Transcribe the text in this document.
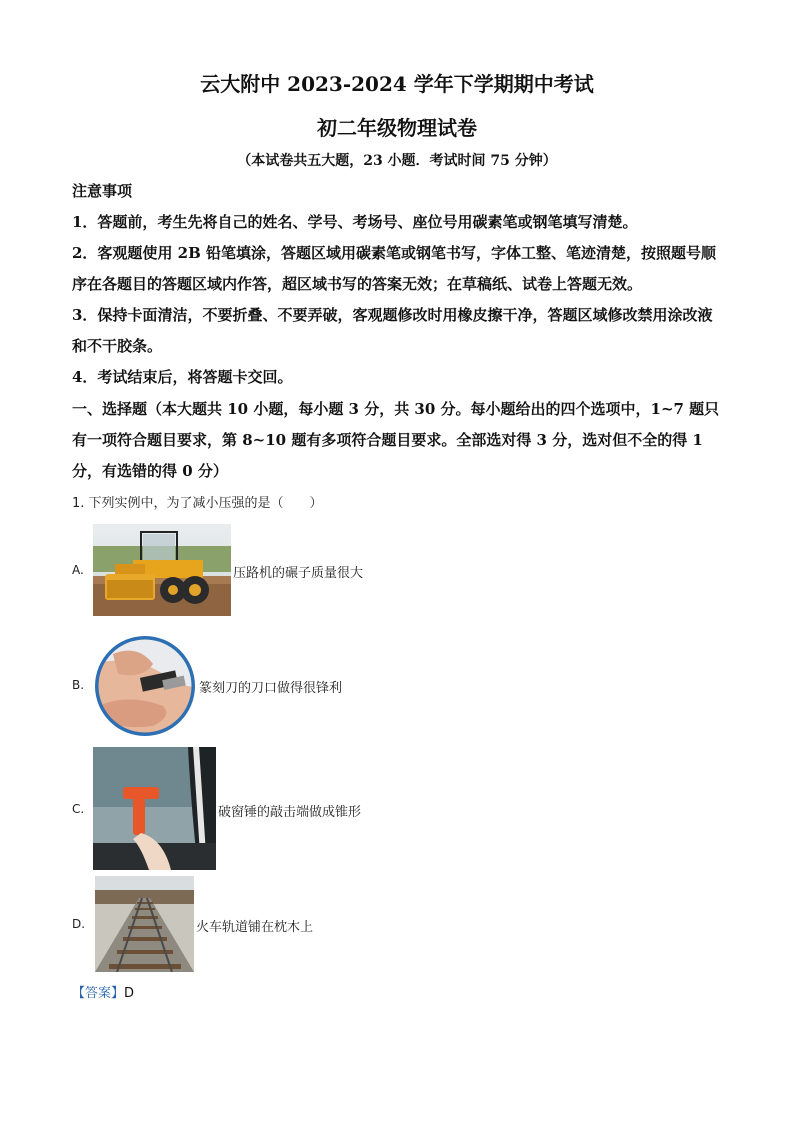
云大附中 2023-2024 学年下学期期中考试
初二年级物理试卷
（本试卷共五大题，23 小题．考试时间 75 分钟）
注意事项
1．答题前，考生先将自己的姓名、学号、考场号、座位号用碳素笔或钢笔填写清楚。
2．客观题使用 2B 铅笔填涂，答题区域用碳素笔或钢笔书写，字体工整、笔迹清楚，按照题号顺序在各题目的答题区域内作答，超区域书写的答案无效；在草稿纸、试卷上答题无效。
3．保持卡面清洁，不要折叠、不要弄破，客观题修改时用橡皮擦干净，答题区域修改禁用涂改液和不干胶条。
4．考试结束后，将答题卡交回。
一、选择题（本大题共 10 小题，每小题 3 分，共 30 分。每小题给出的四个选项中，1~7 题只有一项符合题目要求，第 8~10 题有多项符合题目要求。全部选对得 3 分，选对但不全的得 1 分，有选错的得 0 分）
1. 下列实例中，为了减小压强的是（　　）
A.	压路机的碾子质量很大
B.	篆刻刀的刀口做得很锋利
C.	破窗锤的敲击端做成锥形
D.	火车轨道铺在枕木上
【答案】D
